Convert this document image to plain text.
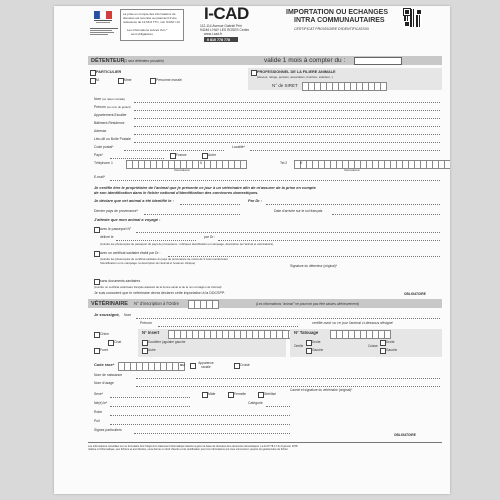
La prise en compte des informations de
données est soumise au paiement d'une
redevance de 12,66 € TTC, voir ICOM I.13.
Les informations suivies d'un *
sont obligatoires
I-CAD
112-114 Avenue Gabriel Péri
94246 L'HAY LES ROSES Cedex
www.i-cad.fr
0 810 778 778
IMPORTATION OU ECHANGES
INTRA COMMUNAUTAIRES
CERTIFICAT PROVISOIRE D'IDENTIFICATION
DÉTENTEUR (1 seul détenteur possible)	valide 1 mois à compter du :
PARTICULIER
M.	Mme	Personne morale
PROFESSIONNEL DE LA FILIERE ANIMALE
(éleveur, refuge, pension, association, fourrière, toiletteur...)
N° de SIRET
Nom (ou raison sociale)
Prénom (ou nom du gérant)
Appartement-Escalier
Bâtiment-Résidence
Adresse
Lieu-dit ou Boîte Postale
Code postal*	Localité*
Pays*	France	Autre
Téléphone 1	0
International
Tel.2	0
International
E-mail*
Je certifie être le propriétaire de l'animal que je présente ce jour à un vétérinaire afin de m'assurer de la prise en compte
de son identification dans le fichier national d'identification des carnivores domestiques.
Je déclare que cet animal a été identifié le :	Par Dr :
Dernier pays de provenance*	Date d'arrivée sur le sol français
J'atteste que mon animal a voyagé :
avec le passeport N°
délivré le	par Dr :
(Joindre les photocopies du passeport du pays de provenance : rubriques identification et marquage, description de l'animal et vaccinations)
avec un certificat sanitaire établi par Dr :
(Joindre les photocopies du certificat sanitaire du pays de provenance de moins de 3 mois mentionnant
l'identification ou le marquage, la description de l'animal et l'examen clinique)
Signature du détenteur (original)*
OBLIGATOIRE
sans documents sanitaires
(Joindre un certificat vétérinaire français attestant de la bonne santé et de la non contagion de l'animal)
Je suis conscient que le vétérinaire devra déclarer cette importation à la DDCSPP.
VÉTÉRINAIRE N° d'inscription à l'Ordre	(Les informations "animal" ne pourront pas être saisies ultérieurement)
Je soussigné, Nom
Prénom	certifie avoir vu ce jour l'animal ci-dessous désigné
Chien
Chat
Furet
N° Insert
Gouttière jugulaire gauche
Autre
N° Tatouage
Oreille
Droite
Gauche
Cuisse
Droite
Gauche
Code race*	ou	Apparence raciale	Croisé
Nom de naissance
Nom d'usage
Sexe*	Mâle	Femelle	Stérilisé
Né(e) le*	Catégorie
Robe
Poil
Signes particuliers
Cachet et signature du vétérinaire (original)*
OBLIGATOIRE
Les informations recueillies sur ce formulaire font l'objet d'un traitement informatique destiné à gérer la base de données des carnivores domestiques. La loi N°78-17 du 6 janvier 1978
relative à l'informatique, aux fichiers et aux libertés, vous donne un droit d'accès et de rectification pour les informations qui vous concernent, auprès du gestionnaire du fichier.
